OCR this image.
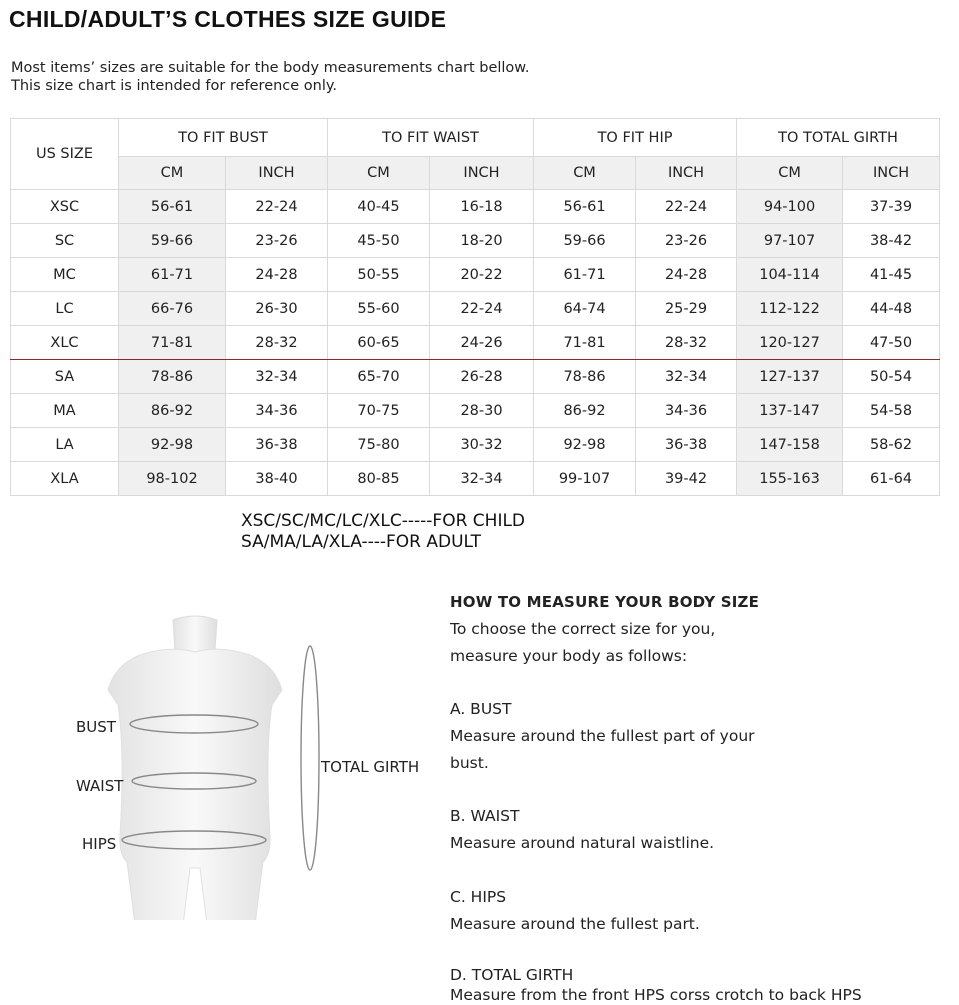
CHILD/ADULT’S CLOTHES SIZE GUIDE
Most items’ sizes are suitable for the body measurements chart bellow.
This size chart is intended for reference only.
US SIZE	TO FIT BUST		TO FIT WAIST		TO FIT HIP		TO TOTAL GIRTH	
	CM	INCH	CM	INCH	CM	INCH	CM	INCH
XSC	56-61	22-24	40-45	16-18	56-61	22-24	94-100	37-39
SC	59-66	23-26	45-50	18-20	59-66	23-26	97-107	38-42
MC	61-71	24-28	50-55	20-22	61-71	24-28	104-114	41-45
LC	66-76	26-30	55-60	22-24	64-74	25-29	112-122	44-48
XLC	71-81	28-32	60-65	24-26	71-81	28-32	120-127	47-50
SA	78-86	32-34	65-70	26-28	78-86	32-34	127-137	50-54
MA	86-92	34-36	70-75	28-30	86-92	34-36	137-147	54-58
LA	92-98	36-38	75-80	30-32	92-98	36-38	147-158	58-62
XLA	98-102	38-40	80-85	32-34	99-107	39-42	155-163	61-64
XSC/SC/MC/LC/XLC-----FOR CHILD
SA/MA/LA/XLA----FOR ADULT
BUST
WAIST
HIPS
TOTAL GIRTH
HOW TO MEASURE YOUR BODY SIZE
To choose the correct size for you,
measure your body as follows:
A. BUST
Measure around the fullest part of your
bust.
B. WAIST
Measure around natural waistline.
C. HIPS
Measure around the fullest part.
D. TOTAL GIRTH
Measure from the front HPS corss crotch to back HPS
